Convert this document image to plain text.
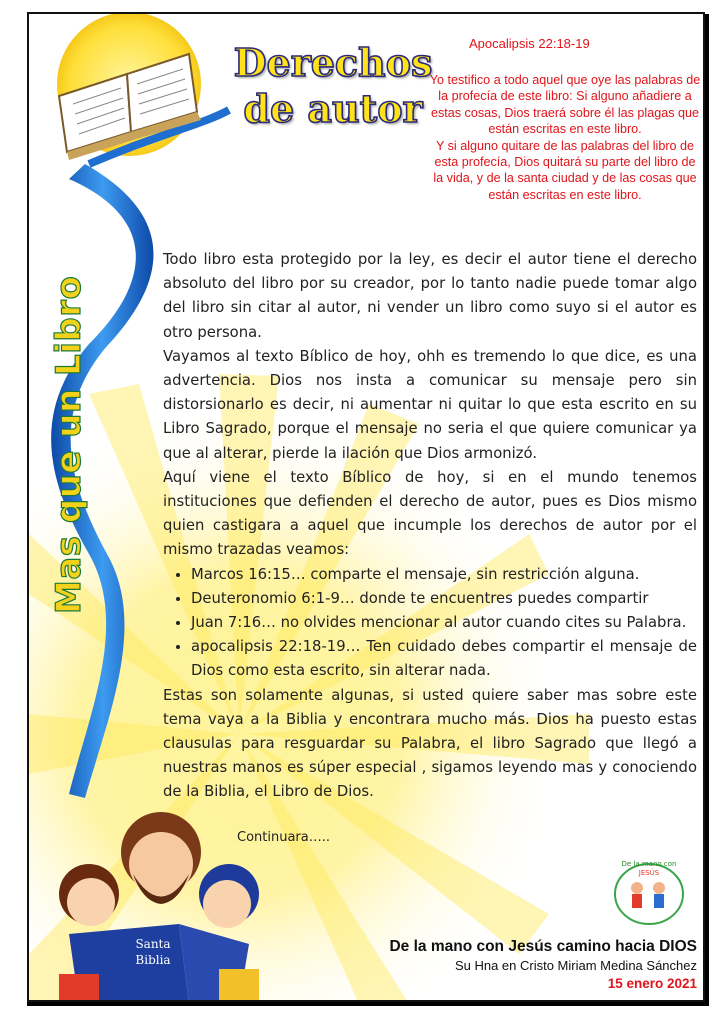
De la mano con
JESÚS
Derechos
de autor
Apocalipsis 22:18-19

Yo testifico a todo aquel que oye las palabras de la profecía de este libro: Si alguno añadiere a estas cosas, Dios traerá sobre él las plagas que están escritas en este libro.

Y si alguno quitare de las palabras del libro de esta profecía, Dios quitará su parte del libro de la vida, y de la santa ciudad y de las cosas que están escritas en este libro.

Mas que un Libro

Todo libro esta protegido por la ley, es decir el autor tiene el derecho absoluto del libro por su creador, por lo tanto nadie puede tomar algo del libro sin citar al autor, ni vender un libro como suyo si el autor es otro persona.

Vayamos al texto Bíblico de hoy, ohh es tremendo lo que dice, es una advertencia. Dios nos insta a comunicar su mensaje pero sin distorsionarlo es decir, ni aumentar ni quitar lo que esta escrito en su Libro Sagrado, porque el mensaje no seria el que quiere comunicar ya que al alterar, pierde la ilación que Dios armonizó.

Aquí viene el texto Bíblico de hoy, si en el mundo tenemos instituciones que defienden el derecho de autor, pues es Dios mismo quien castigara a aquel que incumple los derechos de autor por el mismo trazadas veamos:

• Marcos 16:15… comparte el mensaje, sin restricción alguna.
• Deuteronomio 6:1-9… donde te encuentres puedes compartir
• Juan 7:16… no olvides mencionar al autor cuando cites su Palabra.
• apocalipsis 22:18-19… Ten cuidado debes compartir el mensaje de Dios como esta escrito, sin alterar nada.

Estas son solamente algunas, si usted quiere saber mas sobre este tema vaya a la Biblia y encontrara mucho más. Dios ha puesto estas clausulas para resguardar su Palabra, el libro Sagrado que llegó a nuestras manos es súper especial , sigamos leyendo mas y conociendo de la Biblia, el Libro de Dios.

Continuara…..
Santa
Biblia
De la mano con Jesús camino hacia DIOS
Su Hna en Cristo Miriam Medina Sánchez
15 enero 2021
